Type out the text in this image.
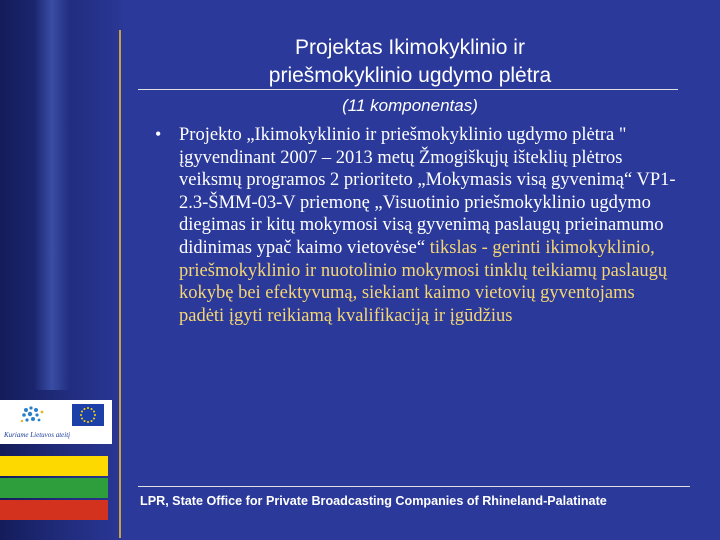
Kuriame Lietuvos ateitį
Projektas Ikimokyklinio ir
priešmokyklinio ugdymo plėtra
(11 komponentas)
• Projekto „Ikimokyklinio ir priešmokyklinio ugdymo plėtra " įgyvendinant 2007 – 2013 metų Žmogiškųjų išteklių plėtros veiksmų programos 2 prioriteto „Mokymasis visą gyvenimą“ VP1-2.3-ŠMM-03-V priemonę „Visuotinio priešmokyklinio ugdymo diegimas ir kitų mokymosi visą gyvenimą paslaugų prieinamumo didinimas ypač kaimo vietovėse“ tikslas - gerinti ikimokyklinio, priešmokyklinio ir nuotolinio mokymosi tinklų teikiamų paslaugų kokybę bei efektyvumą, siekiant kaimo vietovių gyventojams padėti įgyti reikiamą kvalifikaciją ir įgūdžius
LPR, State Office for Private Broadcasting Companies of Rhineland-Palatinate
